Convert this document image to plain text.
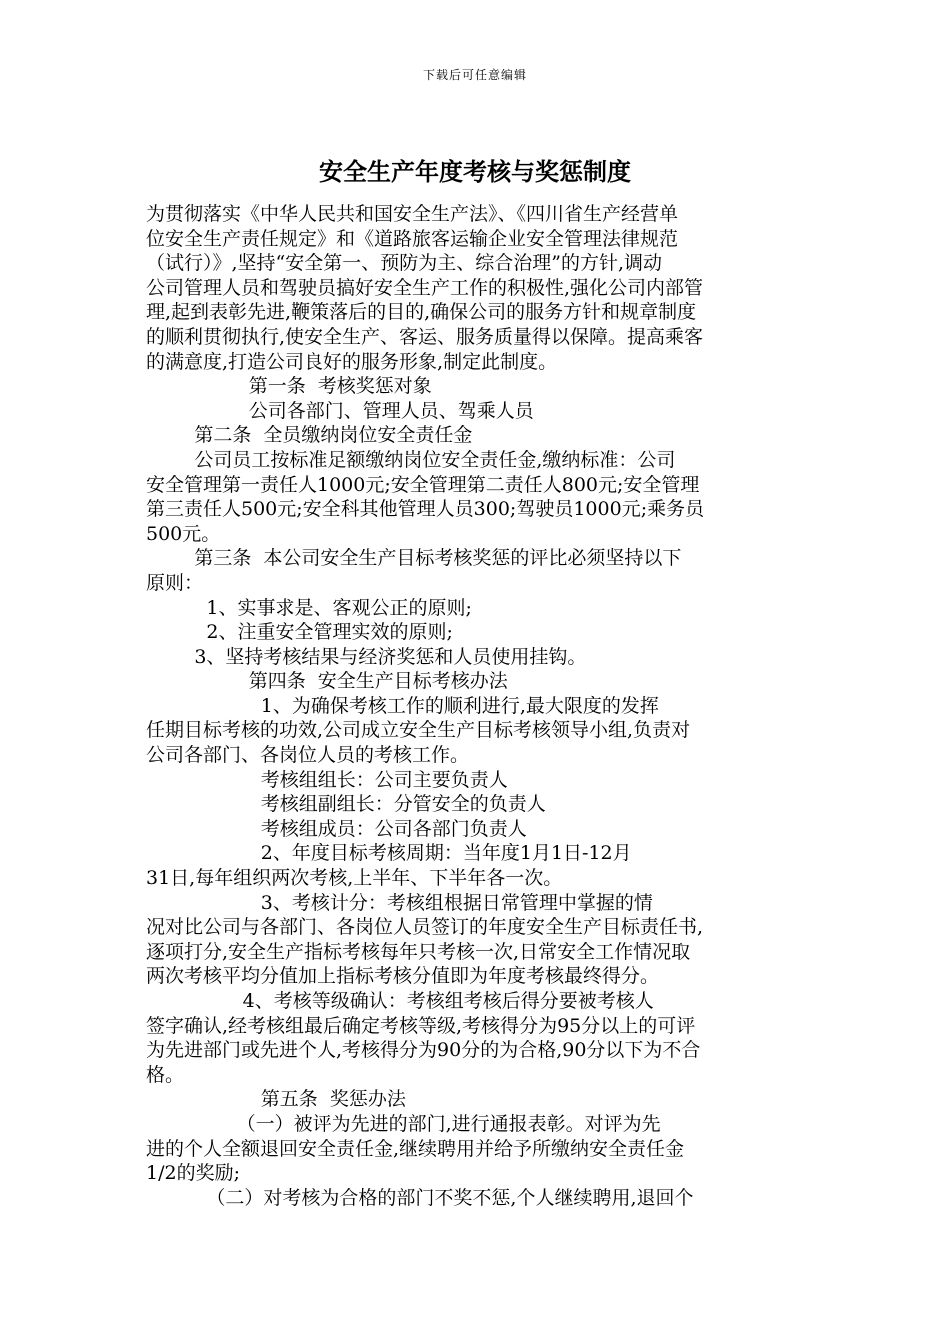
下载后可任意编辑
安全生产年度考核与奖惩制度
为贯彻落实《中华人民共和国安全生产法》、《四川省生产经营单
位安全生产责任规定》和《道路旅客运输企业安全管理法律规范
（试行）》,坚持“安全第一、预防为主、综合治理”的方针,调动
公司管理人员和驾驶员搞好安全生产工作的积极性,强化公司内部管
理,起到表彰先进,鞭策落后的目的,确保公司的服务方针和规章制度
的顺利贯彻执行,使安全生产、客运、服务质量得以保障。提高乘客
的满意度,打造公司良好的服务形象,制定此制度。
第一条  考核奖惩对象
公司各部门、管理人员、驾乘人员
第二条  全员缴纳岗位安全责任金
公司员工按标准足额缴纳岗位安全责任金,缴纳标准：公司
安全管理第一责任人1000元;安全管理第二责任人800元;安全管理
第三责任人500元;安全科其他管理人员300;驾驶员1000元;乘务员
500元。
第三条  本公司安全生产目标考核奖惩的评比必须坚持以下
原则：
1、实事求是、客观公正的原则;
2、注重安全管理实效的原则;
3、坚持考核结果与经济奖惩和人员使用挂钩。
第四条  安全生产目标考核办法
1、为确保考核工作的顺利进行,最大限度的发挥
任期目标考核的功效,公司成立安全生产目标考核领导小组,负责对
公司各部门、各岗位人员的考核工作。
考核组组长：公司主要负责人
考核组副组长：分管安全的负责人
考核组成员：公司各部门负责人
2、年度目标考核周期：当年度1月1日-12月
31日,每年组织两次考核,上半年、下半年各一次。
3、考核计分：考核组根据日常管理中掌握的情
况对比公司与各部门、各岗位人员签订的年度安全生产目标责任书,
逐项打分,安全生产指标考核每年只考核一次,日常安全工作情况取
两次考核平均分值加上指标考核分值即为年度考核最终得分。
4、考核等级确认：考核组考核后得分要被考核人
签字确认,经考核组最后确定考核等级,考核得分为95分以上的可评
为先进部门或先进个人,考核得分为90分的为合格,90分以下为不合
格。
第五条  奖惩办法
（一）被评为先进的部门,进行通报表彰。对评为先
进的个人全额退回安全责任金,继续聘用并给予所缴纳安全责任金
1/2的奖励;
（二）对考核为合格的部门不奖不惩,个人继续聘用,退回个
